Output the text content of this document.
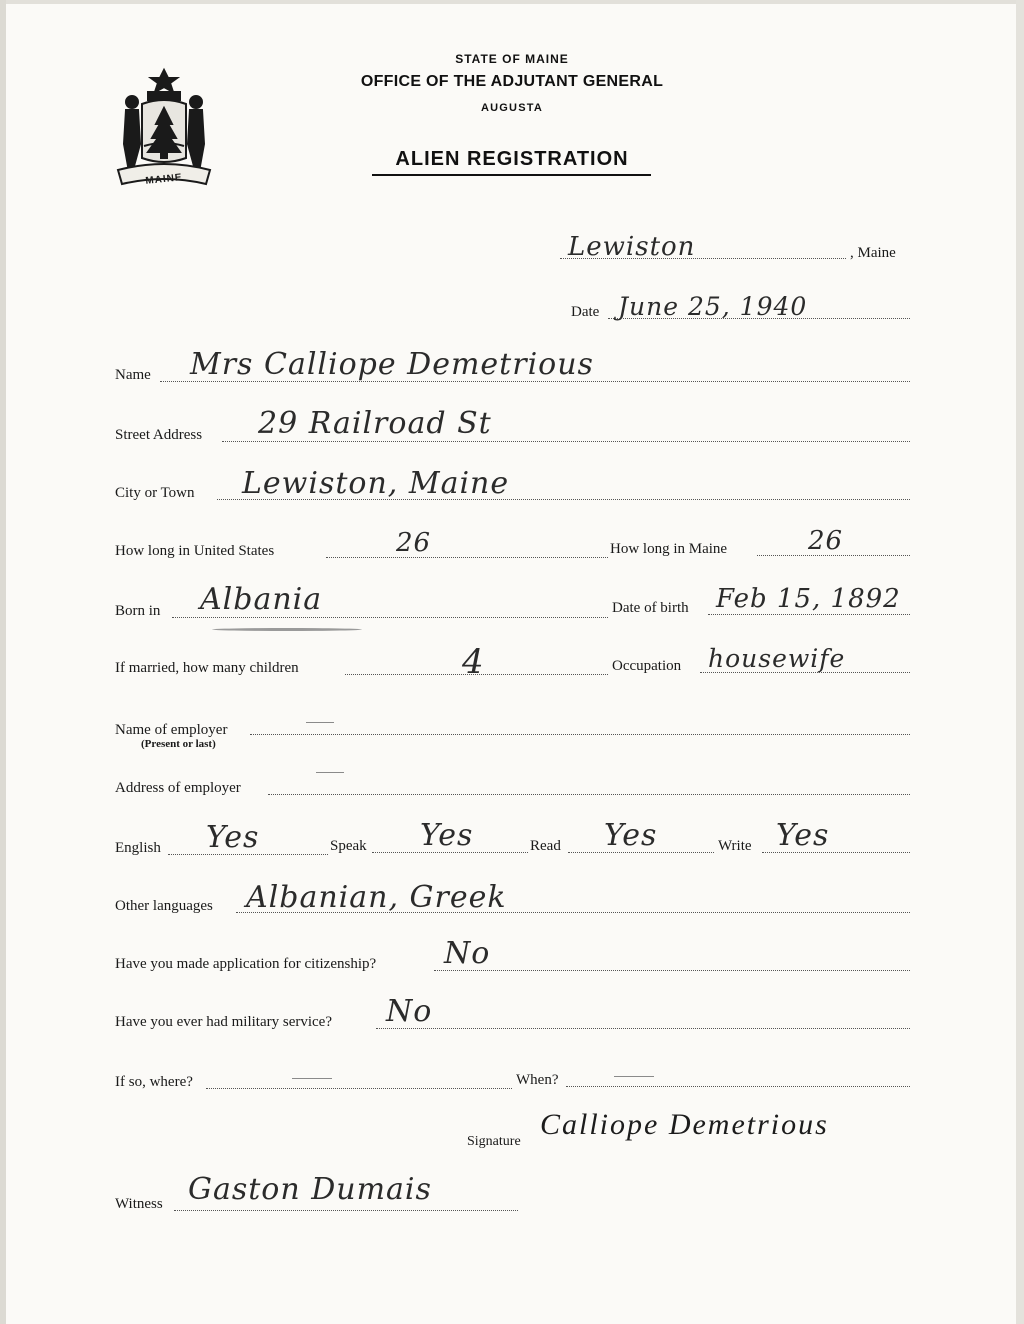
MAINE
STATE OF MAINE
OFFICE OF THE ADJUTANT GENERAL
AUGUSTA
ALIEN REGISTRATION
Lewiston	, Maine
Date June 25, 1940
Name Mrs Calliope Demetrious
Street Address 29 Railroad St
City or Town Lewiston, Maine
How long in United States	26	How long in Maine	26
Born in Albania	Date of birth Feb 15, 1892
If married, how many children	4	Occupation housewife
Name of employer
(Present or last)
Address of employer
English Yes	Speak Yes	Read Yes	Write Yes
Other languages Albanian, Greek
Have you made application for citizenship? No
Have you ever had military service? No
If so, where?	When?
Signature
Calliope Demetrious
Witness Gaston Dumais
